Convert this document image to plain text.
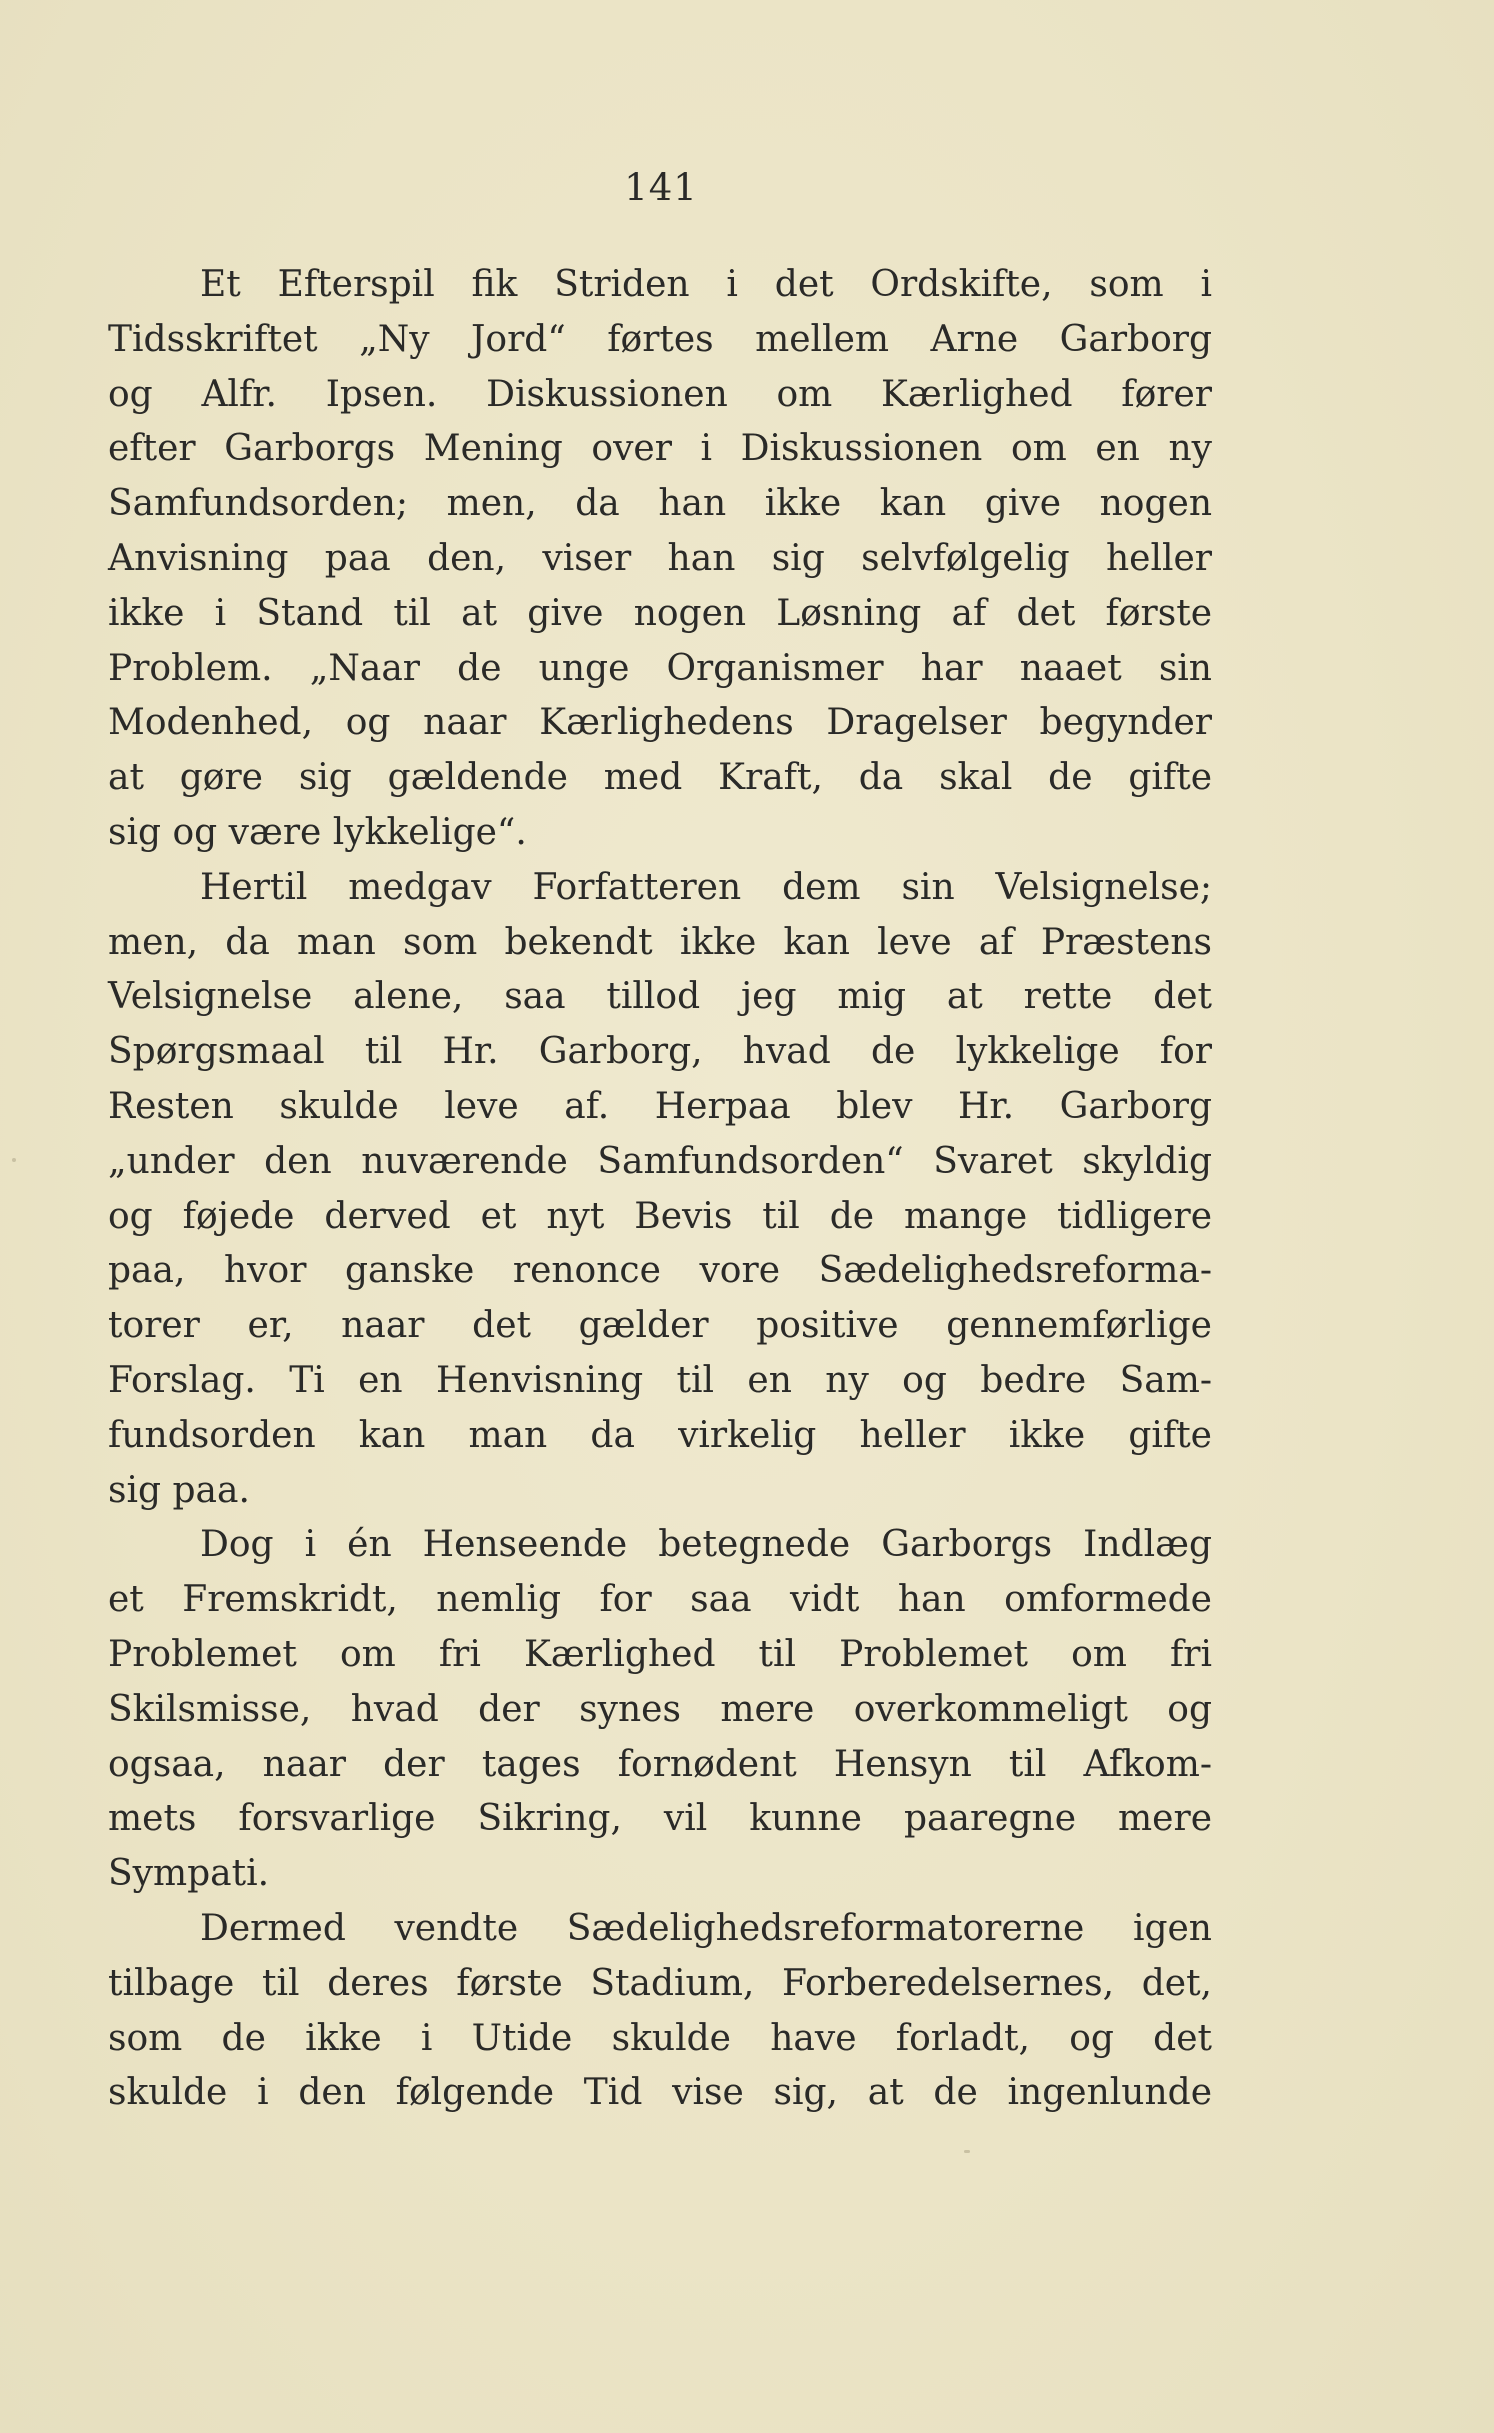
141
Et Efterspil fik Striden i det Ordskifte, som i
Tidsskriftet „Ny Jord“ førtes mellem Arne Garborg
og Alfr. Ipsen. Diskussionen om Kærlighed fører
efter Garborgs Mening over i Diskussionen om en ny
Samfundsorden; men, da han ikke kan give nogen
Anvisning paa den, viser han sig selvfølgelig heller
ikke i Stand til at give nogen Løsning af det første
Problem. „Naar de unge Organismer har naaet sin
Modenhed, og naar Kærlighedens Dragelser begynder
at gøre sig gældende med Kraft, da skal de gifte
sig og være lykkelige“.
Hertil medgav Forfatteren dem sin Velsignelse;
men, da man som bekendt ikke kan leve af Præstens
Velsignelse alene, saa tillod jeg mig at rette det
Spørgsmaal til Hr. Garborg, hvad de lykkelige for
Resten skulde leve af. Herpaa blev Hr. Garborg
„under den nuværende Samfundsorden“ Svaret skyldig
og føjede derved et nyt Bevis til de mange tidligere
paa, hvor ganske renonce vore Sædelighedsreforma-
torer er, naar det gælder positive gennemførlige
Forslag. Ti en Henvisning til en ny og bedre Sam-
fundsorden kan man da virkelig heller ikke gifte
sig paa.
Dog i én Henseende betegnede Garborgs Indlæg
et Fremskridt, nemlig for saa vidt han omformede
Problemet om fri Kærlighed til Problemet om fri
Skilsmisse, hvad der synes mere overkommeligt og
ogsaa, naar der tages fornødent Hensyn til Afkom-
mets forsvarlige Sikring, vil kunne paaregne mere
Sympati.
Dermed vendte Sædelighedsreformatorerne igen
tilbage til deres første Stadium, Forberedelsernes, det,
som de ikke i Utide skulde have forladt, og det
skulde i den følgende Tid vise sig, at de ingenlunde
